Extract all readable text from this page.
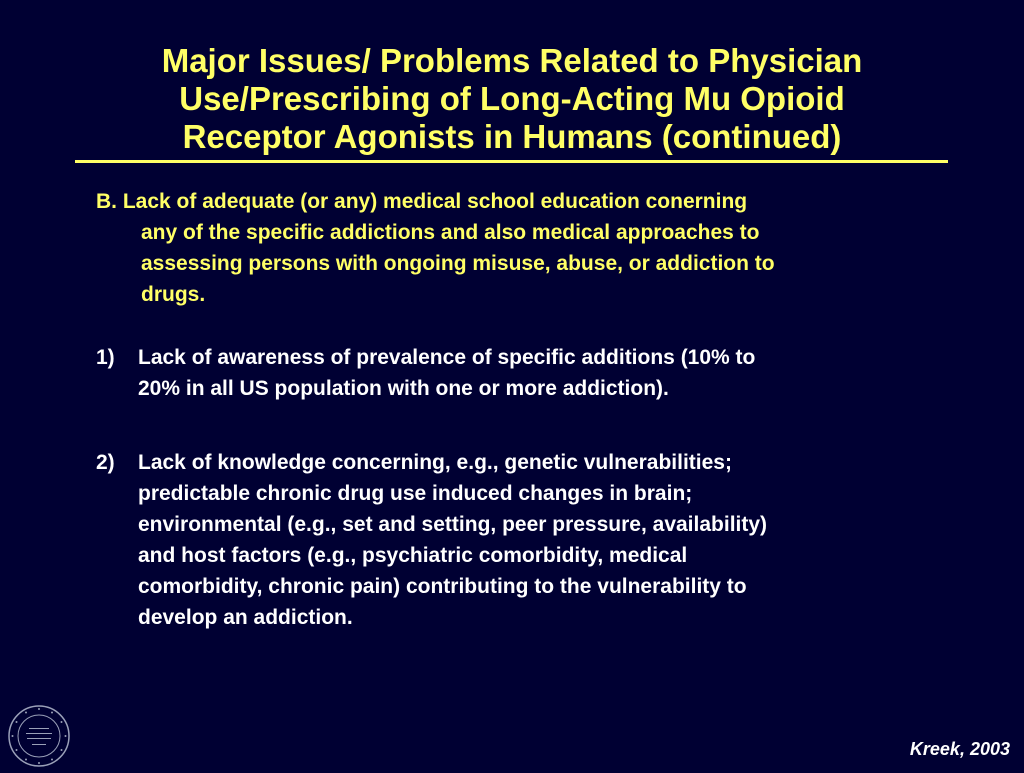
Major Issues/ Problems Related to Physician
Use/Prescribing of Long-Acting Mu Opioid
Receptor Agonists in Humans (continued)
B. Lack of adequate (or any) medical school education conerning
any of the specific addictions and also medical approaches to
assessing persons with ongoing misuse, abuse, or addiction to
drugs.
1) Lack of awareness of prevalence of specific additions (10% to
20% in all US population with one or more addiction).
2) Lack of knowledge concerning, e.g., genetic vulnerabilities;
predictable chronic drug use induced changes in brain;
environmental (e.g., set and setting, peer pressure, availability)
and host factors (e.g., psychiatric comorbidity, medical
comorbidity, chronic pain) contributing to the vulnerability to
develop an addiction.
Kreek, 2003
